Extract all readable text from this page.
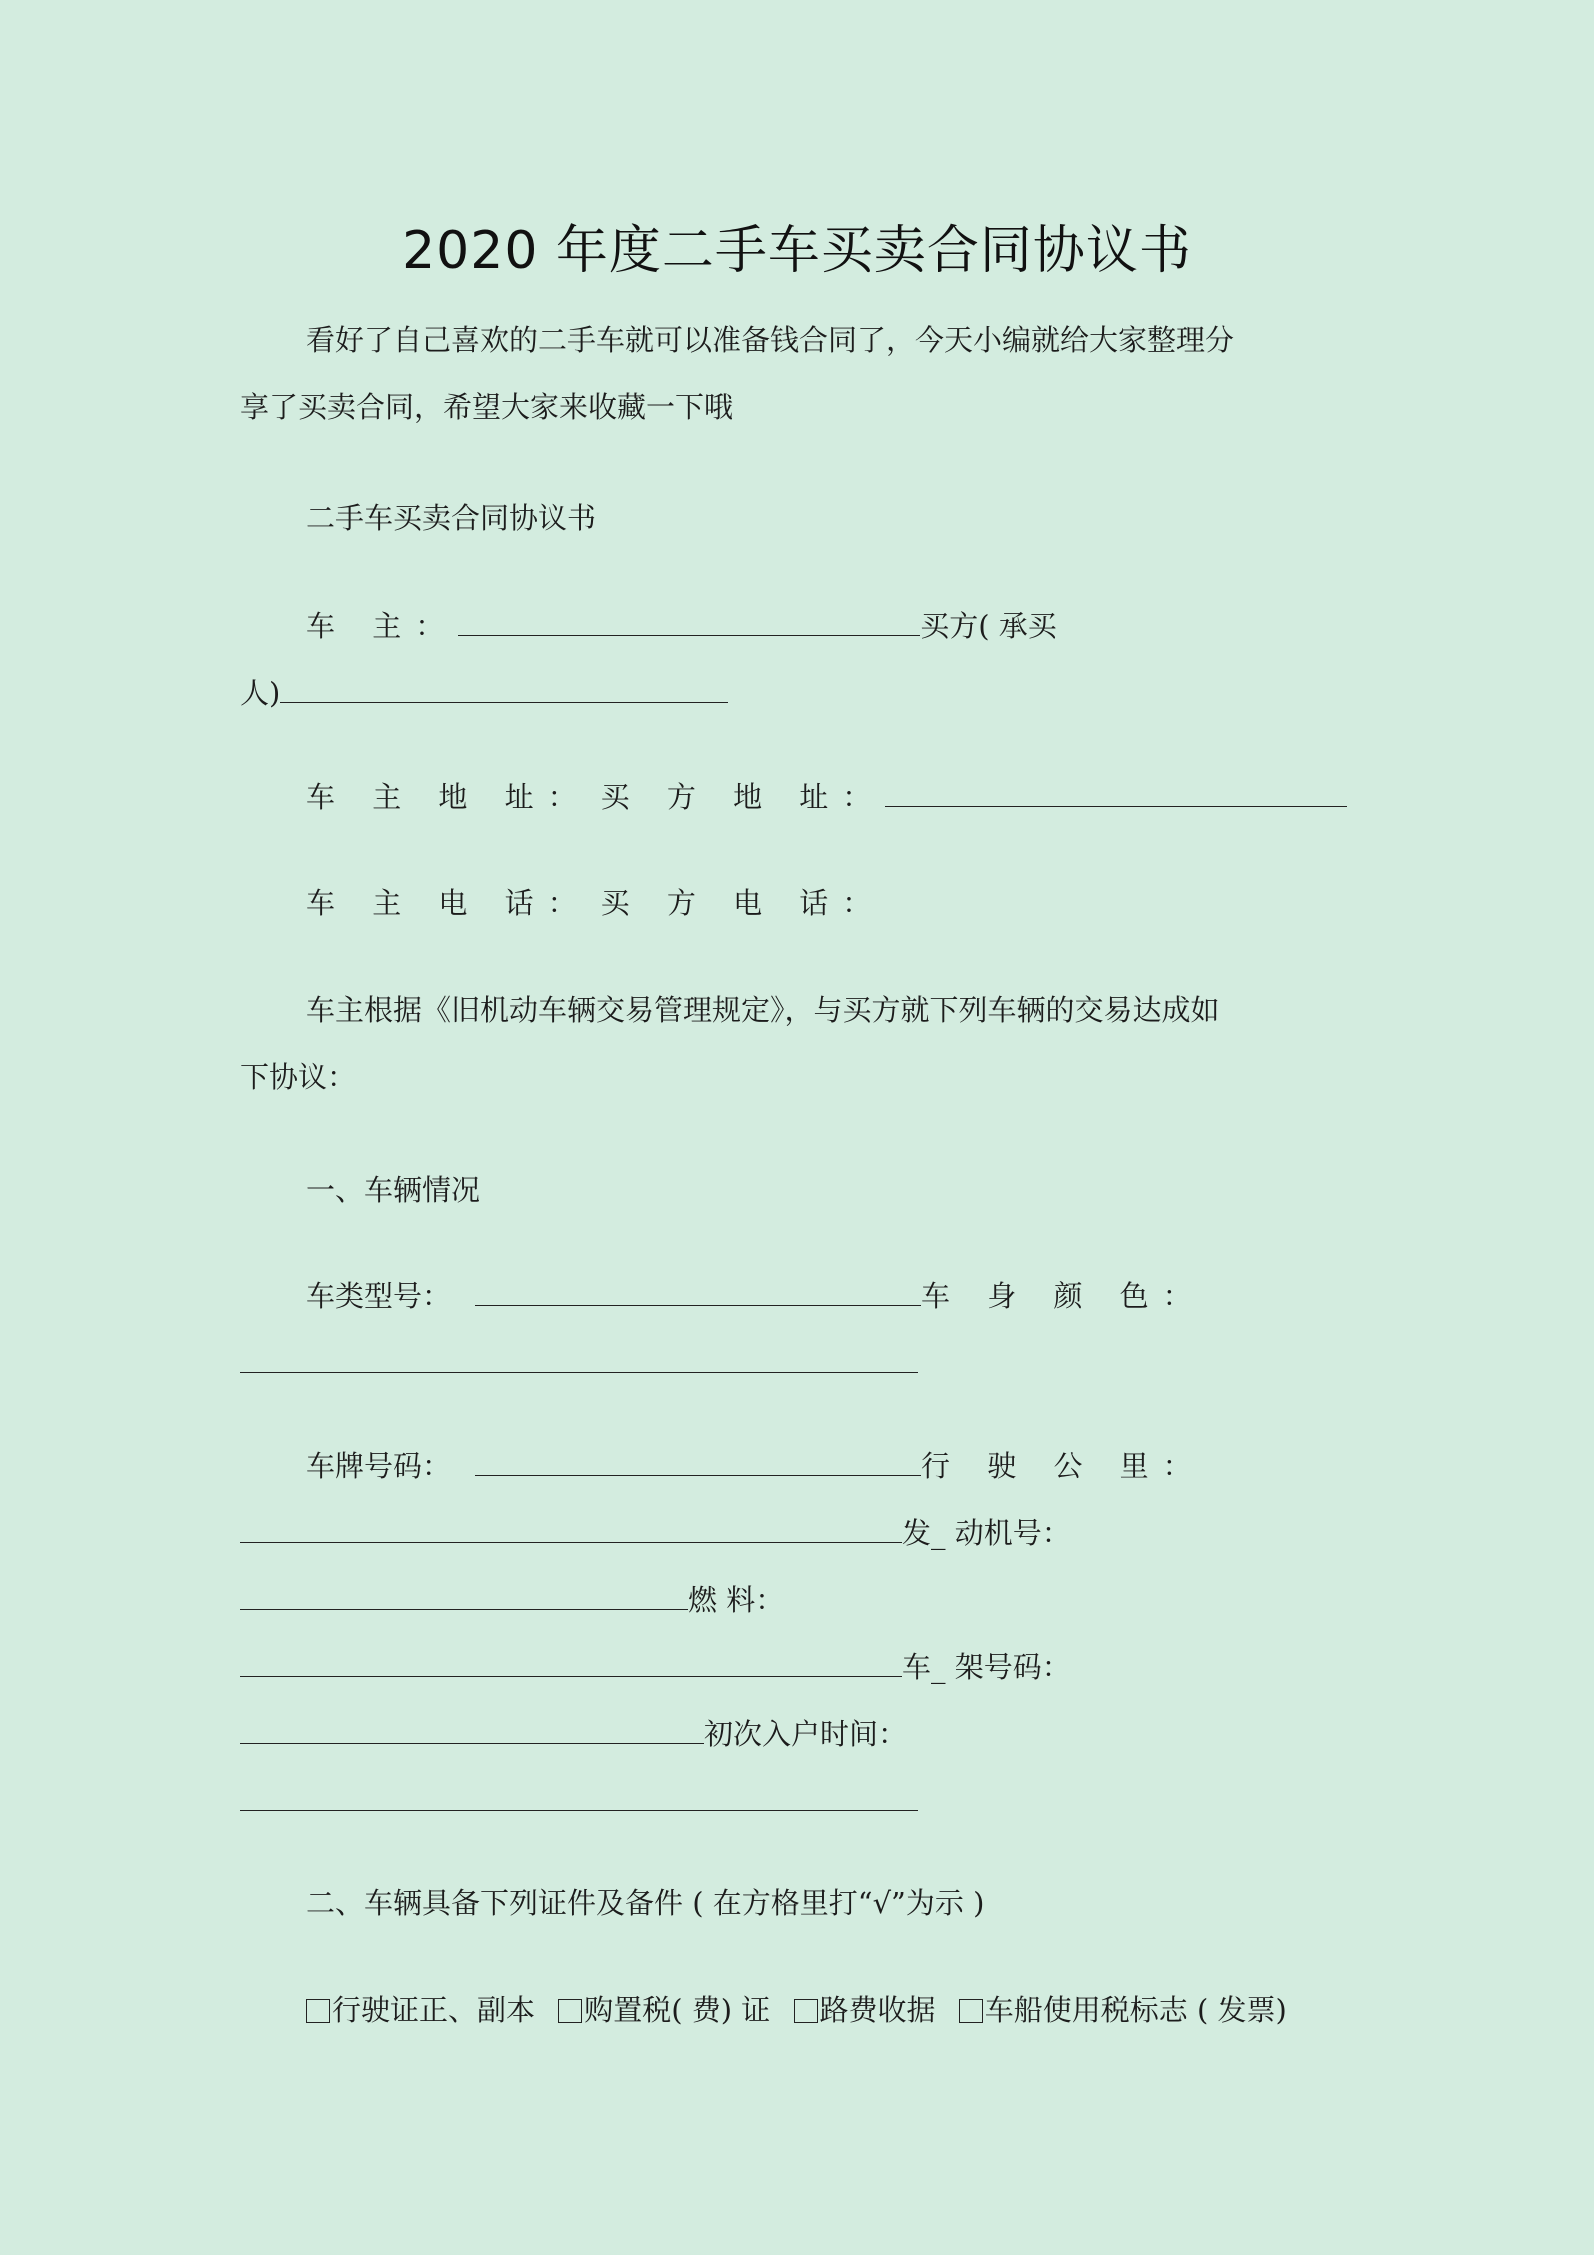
2020 年度二手车买卖合同协议书
看好了自己喜欢的二手车就可以准备钱合同了，今天小编就给大家整理分
享了买卖合同，希望大家来收藏一下哦
二手车买卖合同协议书
车 主：	买方( 承买
人)
车 主 地 址： 买 方 地 址：
车 主 电 话： 买 方 电 话：
车主根据《旧机动车辆交易管理规定》，与买方就下列车辆的交易达成如
下协议：
一、车辆情况
车类型号：	车 身 颜 色：
车牌号码：	行 驶 公 里：
发_ 动机号：
燃 料：
车_ 架号码：
初次入户时间：
二、车辆具备下列证件及备件 ( 在方格里打“√”为示 )
行驶证正、副本 购置税( 费) 证 路费收据 车船使用税标志 ( 发票)
